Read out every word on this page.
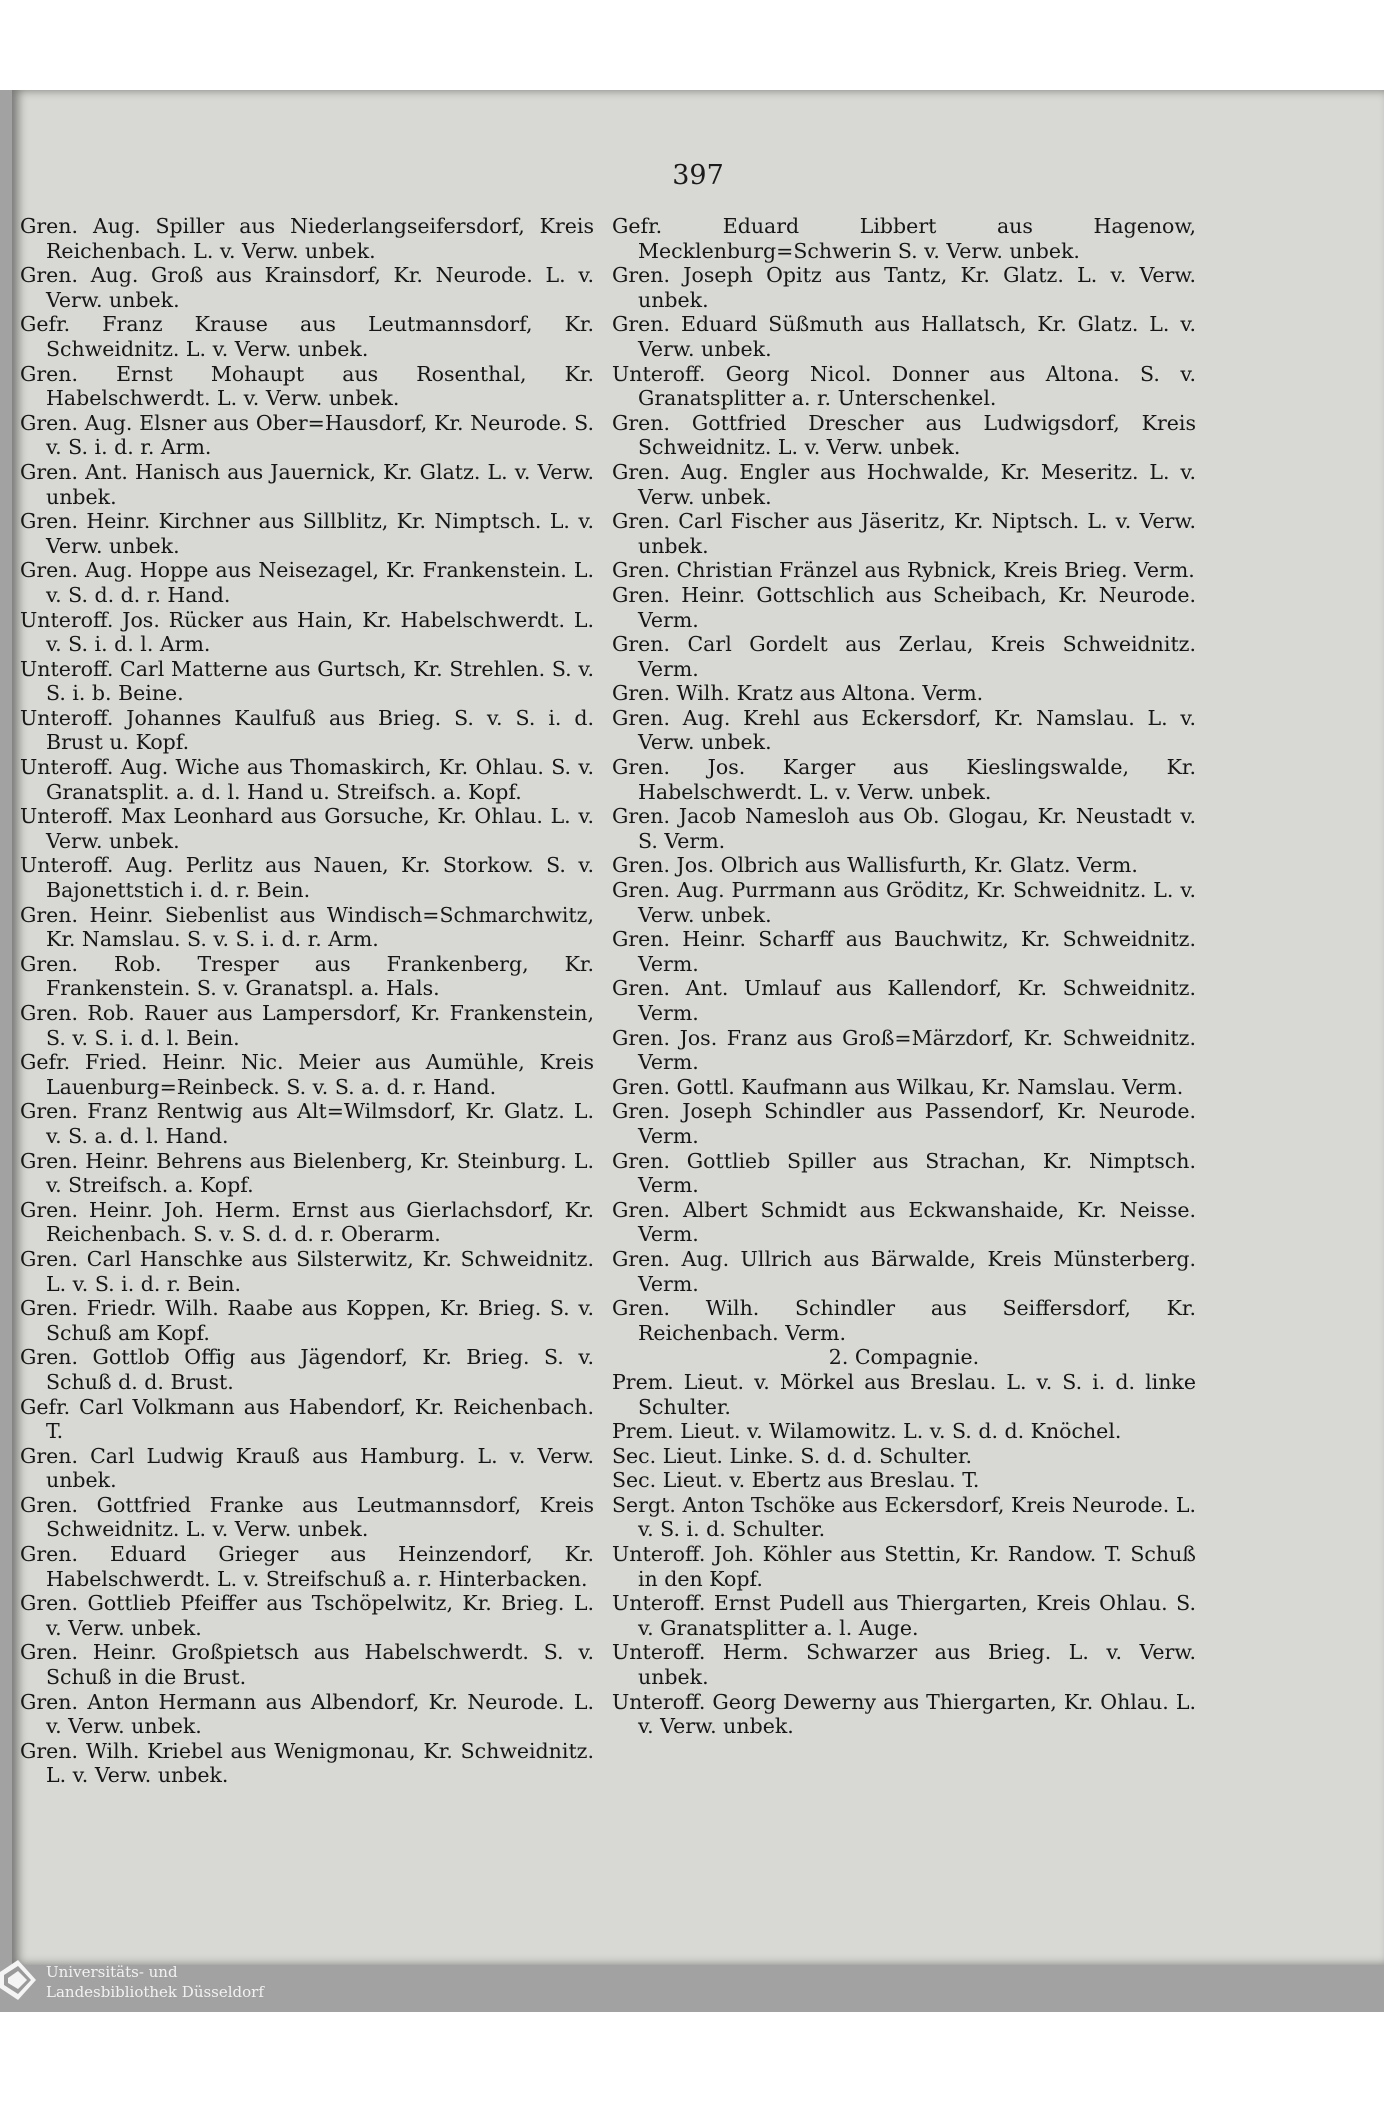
397

Gren. Aug. Spiller aus Niederlangseifersdorf, Kreis Reichenbach. L. v. Verw. unbek.

Gren. Aug. Groß aus Krainsdorf, Kr. Neurode. L. v. Verw. unbek.

Gefr. Franz Krause aus Leutmannsdorf, Kr. Schweidnitz. L. v. Verw. unbek.

Gren. Ernst Mohaupt aus Rosenthal, Kr. Habelschwerdt. L. v. Verw. unbek.

Gren. Aug. Elsner aus Ober=Hausdorf, Kr. Neurode. S. v. S. i. d. r. Arm.

Gren. Ant. Hanisch aus Jauernick, Kr. Glatz. L. v. Verw. unbek.

Gren. Heinr. Kirchner aus Sillblitz, Kr. Nimptsch. L. v. Verw. unbek.

Gren. Aug. Hoppe aus Neisezagel, Kr. Frankenstein. L. v. S. d. d. r. Hand.

Unteroff. Jos. Rücker aus Hain, Kr. Habelschwerdt. L. v. S. i. d. l. Arm.

Unteroff. Carl Matterne aus Gurtsch, Kr. Strehlen. S. v. S. i. b. Beine.

Unteroff. Johannes Kaulfuß aus Brieg. S. v. S. i. d. Brust u. Kopf.

Unteroff. Aug. Wiche aus Thomaskirch, Kr. Ohlau. S. v. Granatsplit. a. d. l. Hand u. Streifsch. a. Kopf.

Unteroff. Max Leonhard aus Gorsuche, Kr. Ohlau. L. v. Verw. unbek.

Unteroff. Aug. Perlitz aus Nauen, Kr. Storkow. S. v. Bajonettstich i. d. r. Bein.

Gren. Heinr. Siebenlist aus Windisch=Schmarchwitz, Kr. Namslau. S. v. S. i. d. r. Arm.

Gren. Rob. Tresper aus Frankenberg, Kr. Frankenstein. S. v. Granatspl. a. Hals.

Gren. Rob. Rauer aus Lampersdorf, Kr. Frankenstein, S. v. S. i. d. l. Bein.

Gefr. Fried. Heinr. Nic. Meier aus Aumühle, Kreis Lauenburg=Reinbeck. S. v. S. a. d. r. Hand.

Gren. Franz Rentwig aus Alt=Wilmsdorf, Kr. Glatz. L. v. S. a. d. l. Hand.

Gren. Heinr. Behrens aus Bielenberg, Kr. Steinburg. L. v. Streifsch. a. Kopf.

Gren. Heinr. Joh. Herm. Ernst aus Gierlachsdorf, Kr. Reichenbach. S. v. S. d. d. r. Oberarm.

Gren. Carl Hanschke aus Silsterwitz, Kr. Schweidnitz. L. v. S. i. d. r. Bein.

Gren. Friedr. Wilh. Raabe aus Koppen, Kr. Brieg. S. v. Schuß am Kopf.

Gren. Gottlob Offig aus Jägendorf, Kr. Brieg. S. v. Schuß d. d. Brust.

Gefr. Carl Volkmann aus Habendorf, Kr. Reichenbach. T.

Gren. Carl Ludwig Krauß aus Hamburg. L. v. Verw. unbek.

Gren. Gottfried Franke aus Leutmannsdorf, Kreis Schweidnitz. L. v. Verw. unbek.

Gren. Eduard Grieger aus Heinzendorf, Kr. Habelschwerdt. L. v. Streifschuß a. r. Hinterbacken.

Gren. Gottlieb Pfeiffer aus Tschöpelwitz, Kr. Brieg. L. v. Verw. unbek.

Gren. Heinr. Großpietsch aus Habelschwerdt. S. v. Schuß in die Brust.

Gren. Anton Hermann aus Albendorf, Kr. Neurode. L. v. Verw. unbek.

Gren. Wilh. Kriebel aus Wenigmonau, Kr. Schweidnitz. L. v. Verw. unbek.

Gefr. Eduard Libbert aus Hagenow, Mecklenburg=Schwerin S. v. Verw. unbek.

Gren. Joseph Opitz aus Tantz, Kr. Glatz. L. v. Verw. unbek.

Gren. Eduard Süßmuth aus Hallatsch, Kr. Glatz. L. v. Verw. unbek.

Unteroff. Georg Nicol. Donner aus Altona. S. v. Granatsplitter a. r. Unterschenkel.

Gren. Gottfried Drescher aus Ludwigsdorf, Kreis Schweidnitz. L. v. Verw. unbek.

Gren. Aug. Engler aus Hochwalde, Kr. Meseritz. L. v. Verw. unbek.

Gren. Carl Fischer aus Jäseritz, Kr. Niptsch. L. v. Verw. unbek.

Gren. Christian Fränzel aus Rybnick, Kreis Brieg. Verm.

Gren. Heinr. Gottschlich aus Scheibach, Kr. Neurode. Verm.

Gren. Carl Gordelt aus Zerlau, Kreis Schweidnitz. Verm.

Gren. Wilh. Kratz aus Altona. Verm.

Gren. Aug. Krehl aus Eckersdorf, Kr. Namslau. L. v. Verw. unbek.

Gren. Jos. Karger aus Kieslingswalde, Kr. Habelschwerdt. L. v. Verw. unbek.

Gren. Jacob Namesloh aus Ob. Glogau, Kr. Neustadt v. S. Verm.

Gren. Jos. Olbrich aus Wallisfurth, Kr. Glatz. Verm.

Gren. Aug. Purrmann aus Gröditz, Kr. Schweidnitz. L. v. Verw. unbek.

Gren. Heinr. Scharff aus Bauchwitz, Kr. Schweidnitz. Verm.

Gren. Ant. Umlauf aus Kallendorf, Kr. Schweidnitz. Verm.

Gren. Jos. Franz aus Groß=Märzdorf, Kr. Schweidnitz. Verm.

Gren. Gottl. Kaufmann aus Wilkau, Kr. Namslau. Verm.

Gren. Joseph Schindler aus Passendorf, Kr. Neurode. Verm.

Gren. Gottlieb Spiller aus Strachan, Kr. Nimptsch. Verm.

Gren. Albert Schmidt aus Eckwanshaide, Kr. Neisse. Verm.

Gren. Aug. Ullrich aus Bärwalde, Kreis Münsterberg. Verm.

Gren. Wilh. Schindler aus Seiffersdorf, Kr. Reichenbach. Verm.

2. Compagnie.

Prem. Lieut. v. Mörkel aus Breslau. L. v. S. i. d. linke Schulter.

Prem. Lieut. v. Wilamowitz. L. v. S. d. d. Knöchel.

Sec. Lieut. Linke. S. d. d. Schulter.

Sec. Lieut. v. Ebertz aus Breslau. T.

Sergt. Anton Tschöke aus Eckersdorf, Kreis Neurode. L. v. S. i. d. Schulter.

Unteroff. Joh. Köhler aus Stettin, Kr. Randow. T. Schuß in den Kopf.

Unteroff. Ernst Pudell aus Thiergarten, Kreis Ohlau. S. v. Granatsplitter a. l. Auge.

Unteroff. Herm. Schwarzer aus Brieg. L. v. Verw. unbek.

Unteroff. Georg Dewerny aus Thiergarten, Kr. Ohlau. L. v. Verw. unbek.

Universitäts- und
Landesbibliothek Düsseldorf
